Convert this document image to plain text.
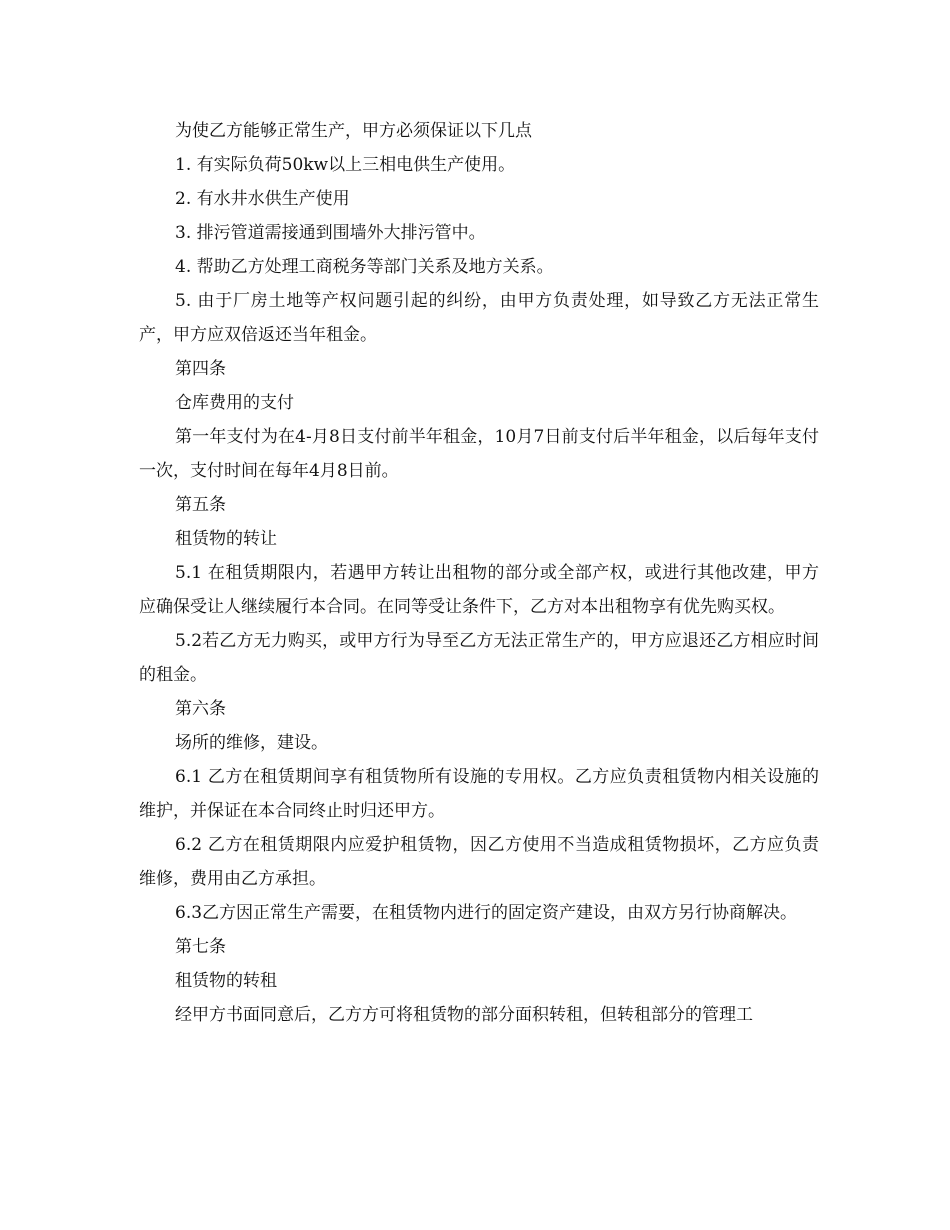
为使乙方能够正常生产，甲方必须保证以下几点

1. 有实际负荷50kw以上三相电供生产使用。

2. 有水井水供生产使用

3. 排污管道需接通到围墙外大排污管中。

4. 帮助乙方处理工商税务等部门关系及地方关系。

5. 由于厂房土地等产权问题引起的纠纷，由甲方负责处理，如导致乙方无法正常生产，甲方应双倍返还当年租金。

第四条

仓库费用的支付

第一年支付为在4-月8日支付前半年租金，10月7日前支付后半年租金，以后每年支付一次，支付时间在每年4月8日前。

第五条

租赁物的转让

5.1 在租赁期限内，若遇甲方转让出租物的部分或全部产权，或进行其他改建，甲方应确保受让人继续履行本合同。在同等受让条件下，乙方对本出租物享有优先购买权。

5.2若乙方无力购买，或甲方行为导至乙方无法正常生产的，甲方应退还乙方相应时间的租金。

第六条

场所的维修，建设。

6.1 乙方在租赁期间享有租赁物所有设施的专用权。乙方应负责租赁物内相关设施的维护，并保证在本合同终止时归还甲方。

6.2 乙方在租赁期限内应爱护租赁物，因乙方使用不当造成租赁物损坏，乙方应负责维修，费用由乙方承担。

6.3乙方因正常生产需要，在租赁物内进行的固定资产建设，由双方另行协商解决。

第七条

租赁物的转租

经甲方书面同意后，乙方方可将租赁物的部分面积转租，但转租部分的管理工
